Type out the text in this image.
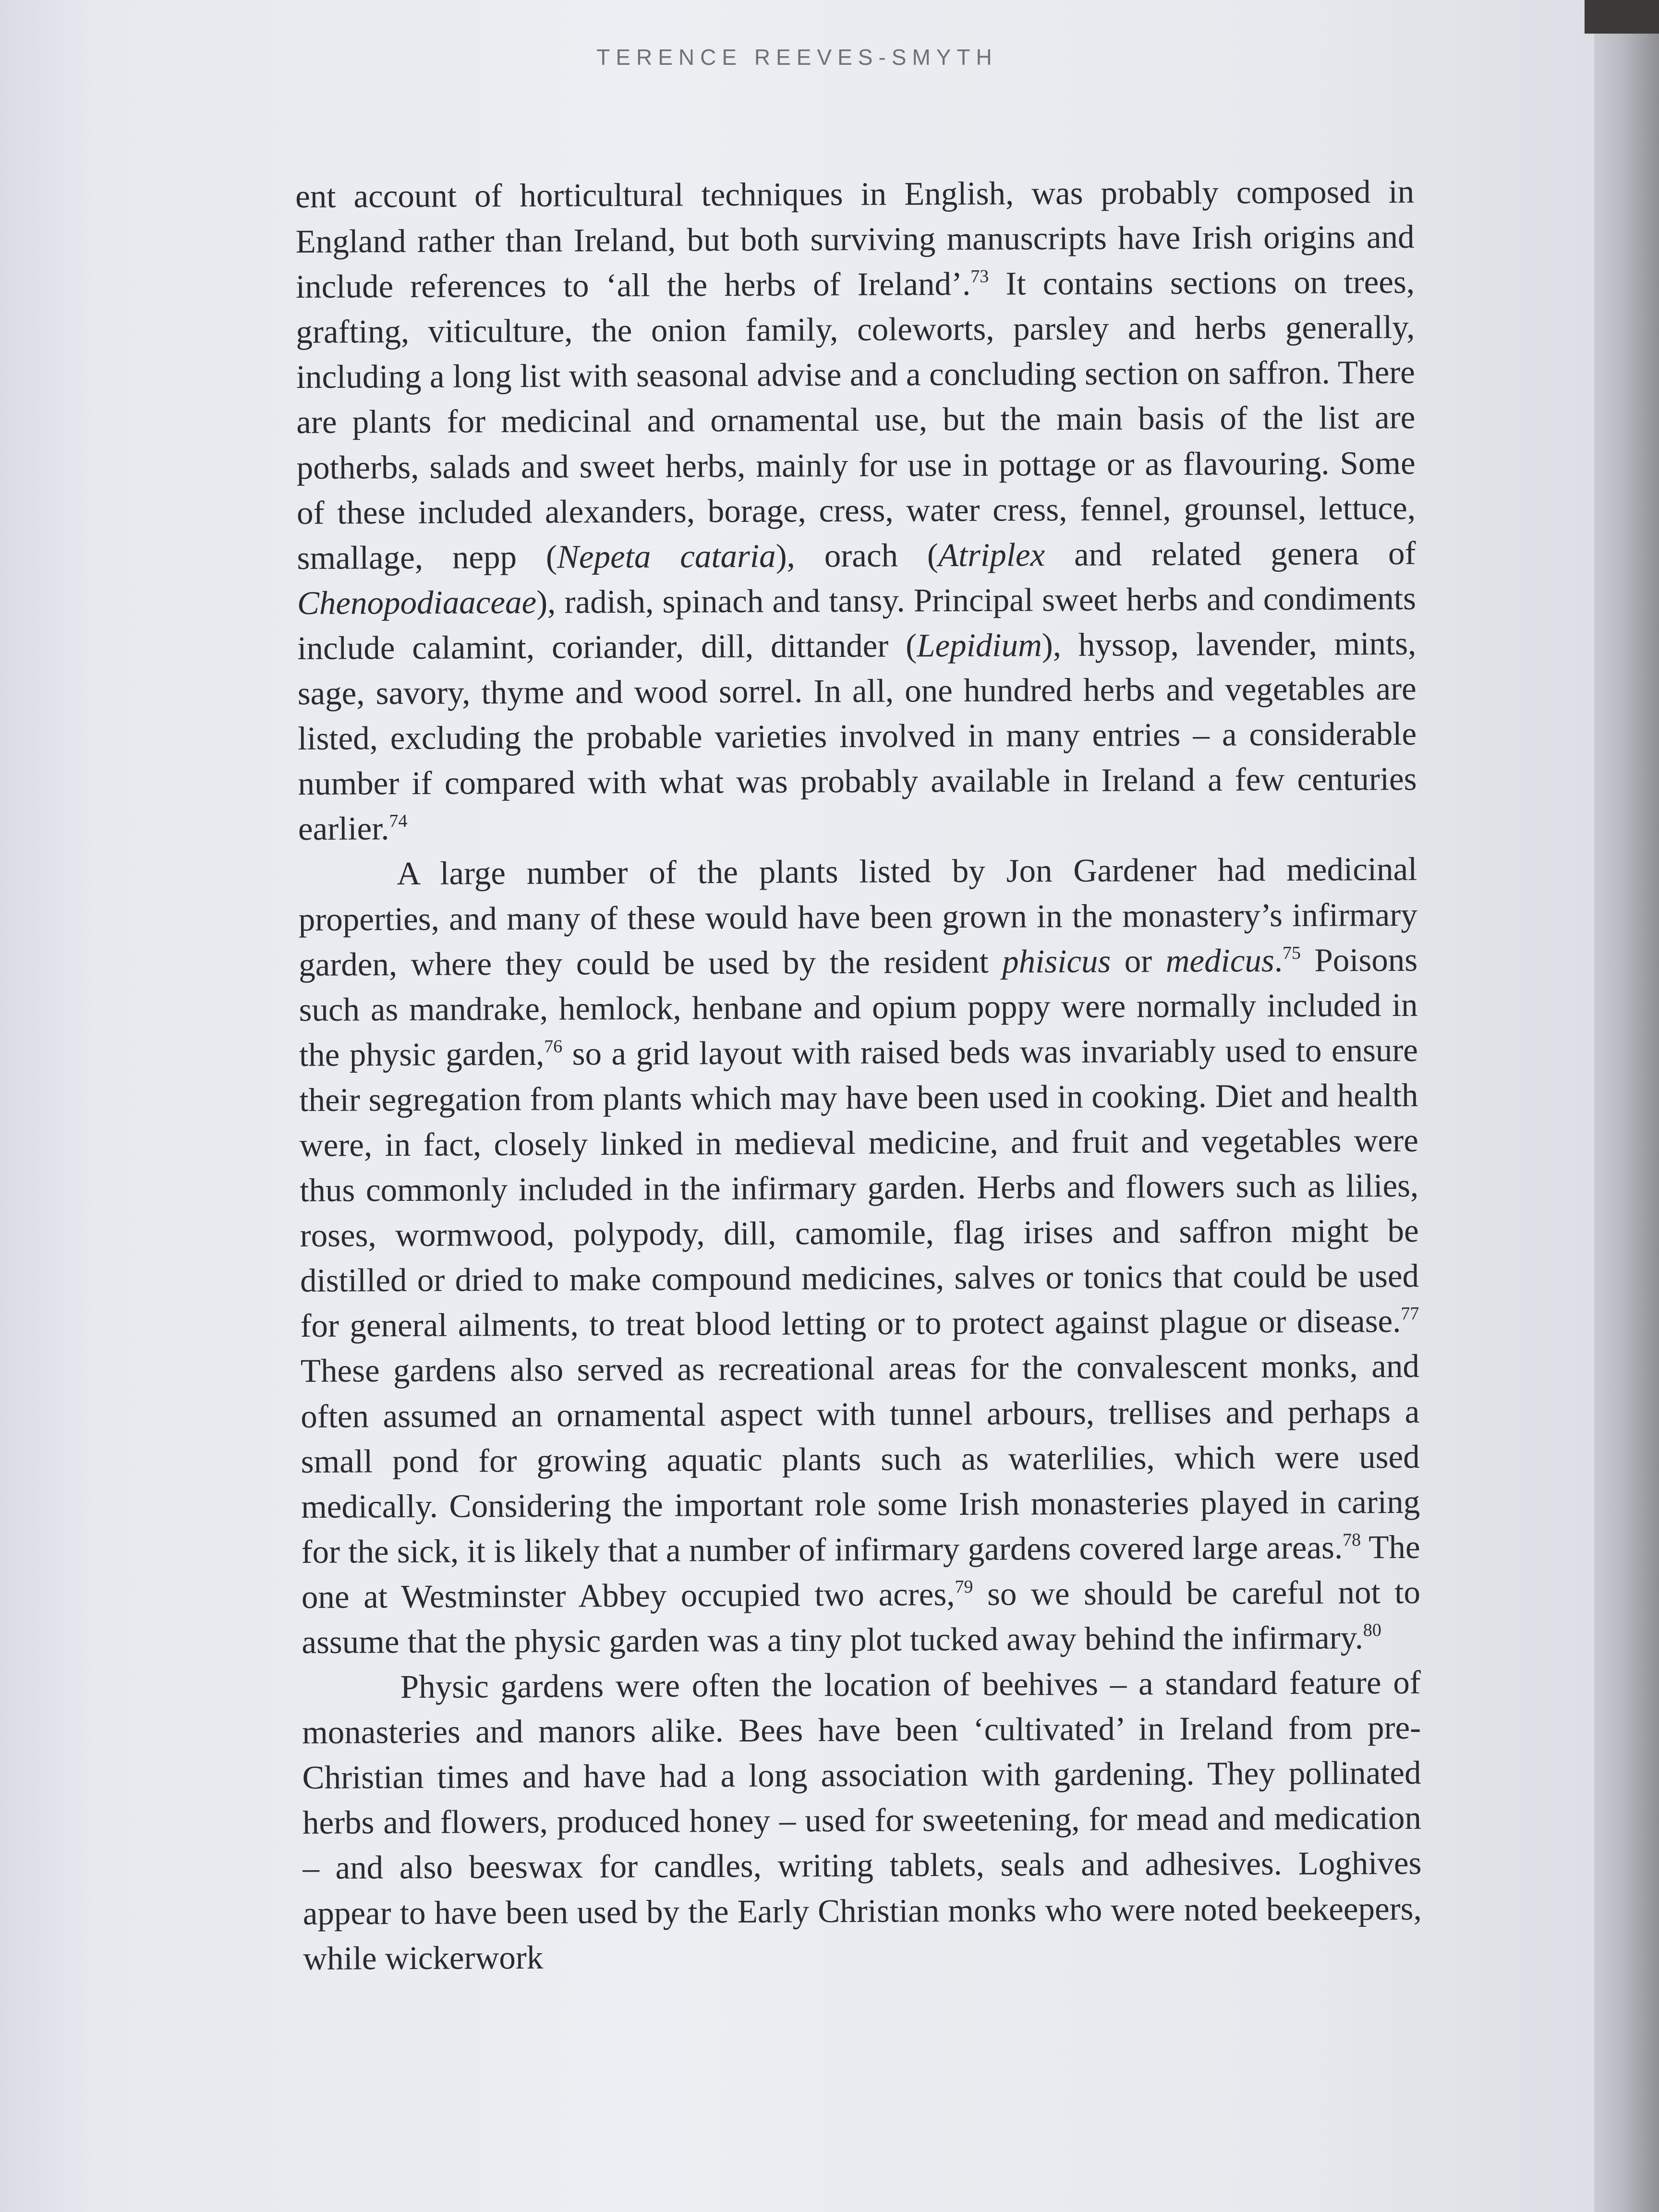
TERENCE REEVES-SMYTH

ent account of horticultural techniques in English, was probably composed in England rather than Ireland, but both surviving manuscripts have Irish origins and include references to ‘all the herbs of Ireland’.$^{73}$ It contains sections on trees, grafting, viticulture, the onion family, coleworts, parsley and herbs generally, including a long list with seasonal advise and a concluding section on saffron. There are plants for medicinal and ornamental use, but the main basis of the list are potherbs, salads and sweet herbs, mainly for use in pottage or as flavouring. Some of these included alexanders, borage, cress, water cress, fennel, grounsel, lettuce, smallage, nepp (Nepeta cataria), orach (Atriplex and related genera of Chenopodiaaceae), radish, spinach and tansy. Principal sweet herbs and condiments include calamint, coriander, dill, dittander (Lepidium), hyssop, lavender, mints, sage, savory, thyme and wood sorrel. In all, one hundred herbs and vegetables are listed, excluding the probable varieties involved in many entries – a considerable number if compared with what was probably available in Ireland a few centuries earlier.$^{74}$

A large number of the plants listed by Jon Gardener had medicinal properties, and many of these would have been grown in the monastery’s infirmary garden, where they could be used by the resident phisicus or medicus.$^{75}$ Poisons such as mandrake, hemlock, henbane and opium poppy were normally included in the physic garden,$^{76}$ so a grid layout with raised beds was invariably used to ensure their segregation from plants which may have been used in cooking. Diet and health were, in fact, closely linked in medieval medicine, and fruit and vegetables were thus commonly included in the infirmary garden. Herbs and flowers such as lilies, roses, wormwood, polypody, dill, camomile, flag irises and saffron might be distilled or dried to make compound medicines, salves or tonics that could be used for general ailments, to treat blood letting or to protect against plague or disease.$^{77}$ These gardens also served as recreational areas for the convalescent monks, and often assumed an ornamental aspect with tunnel arbours, trellises and perhaps a small pond for growing aquatic plants such as waterlilies, which were used medically. Considering the important role some Irish monasteries played in caring for the sick, it is likely that a number of infirmary gardens covered large areas.$^{78}$ The one at Westminster Abbey occupied two acres,$^{79}$ so we should be careful not to assume that the physic garden was a tiny plot tucked away behind the infirmary.$^{80}$

Physic gardens were often the location of beehives – a standard feature of monasteries and manors alike. Bees have been ‘cultivated’ in Ireland from pre-Christian times and have had a long association with gardening. They pollinated herbs and flowers, produced honey – used for sweetening, for mead and medication – and also beeswax for candles, writing tablets, seals and adhesives. Loghives appear to have been used by the Early Christian monks who were noted beekeepers, while wickerwork
